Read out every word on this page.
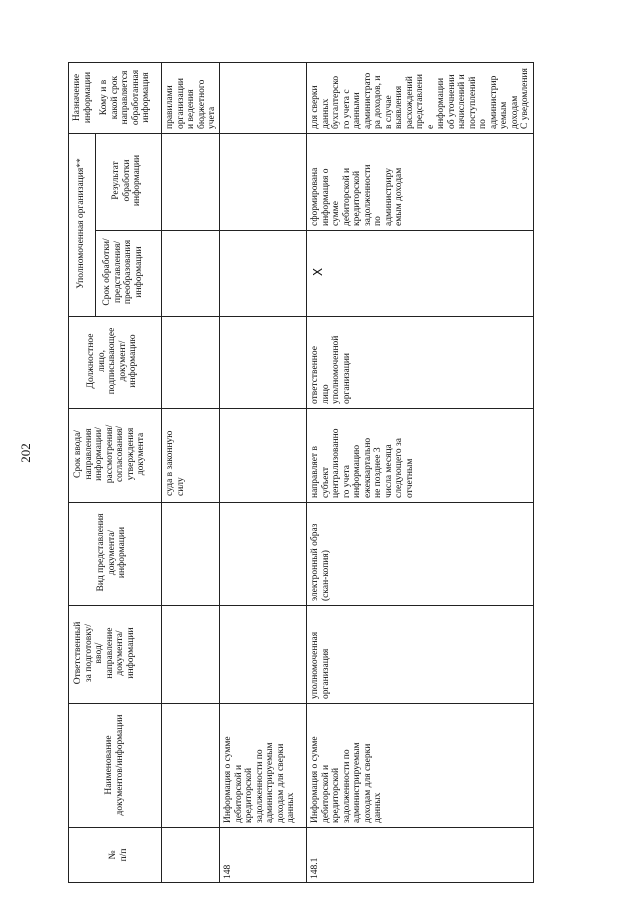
202
№
п/п
Наименование
документов/информации
Ответственный
за подготовку/
ввод/
направление
документа/
информации
Вид представления
документа/
информации
Срок ввода/
направления
информации/
рассмотрения/
согласования/
утверждения
документа
Должностное
лицо,
подписывающее
документ/
информацию
Уполномоченная организация**
Срок обработки/
представления/
преобразования
информации
Результат
обработки
информации
Назначение
информации Кому и в
какой срок
направляется
обработанная
информация
суда в законную
силу
правилами
организации
и ведения
бюджетного
учета
148
Информация о сумме
дебиторской и
кредиторской
задолженности по
администрируемым
доходам для сверки
данных
148.1
Информация о сумме
дебиторской и
кредиторской
задолженности по
администрируемым
доходам для сверки
данных
уполномоченная
организация
электронный образ
(скан-копия)
направляет в
субъект
централизованно
го учета
информацию
ежеквартально
не позднее 3
числа месяца
следующего за
отчетным
ответственное
лицо
уполномоченной
организации
X
сформирована
информация о
сумме
дебиторской и
кредиторской
задолженности
по
администриру
емым доходам
для сверки
данных
бухгалтерско
го учета с
данными
администрато
ра доходов, и
в случае
выявления
расхождений
представлени
е
информации
об уточнении
начислений и
поступлений
по
администрир
уемым
доходам С уведомления
